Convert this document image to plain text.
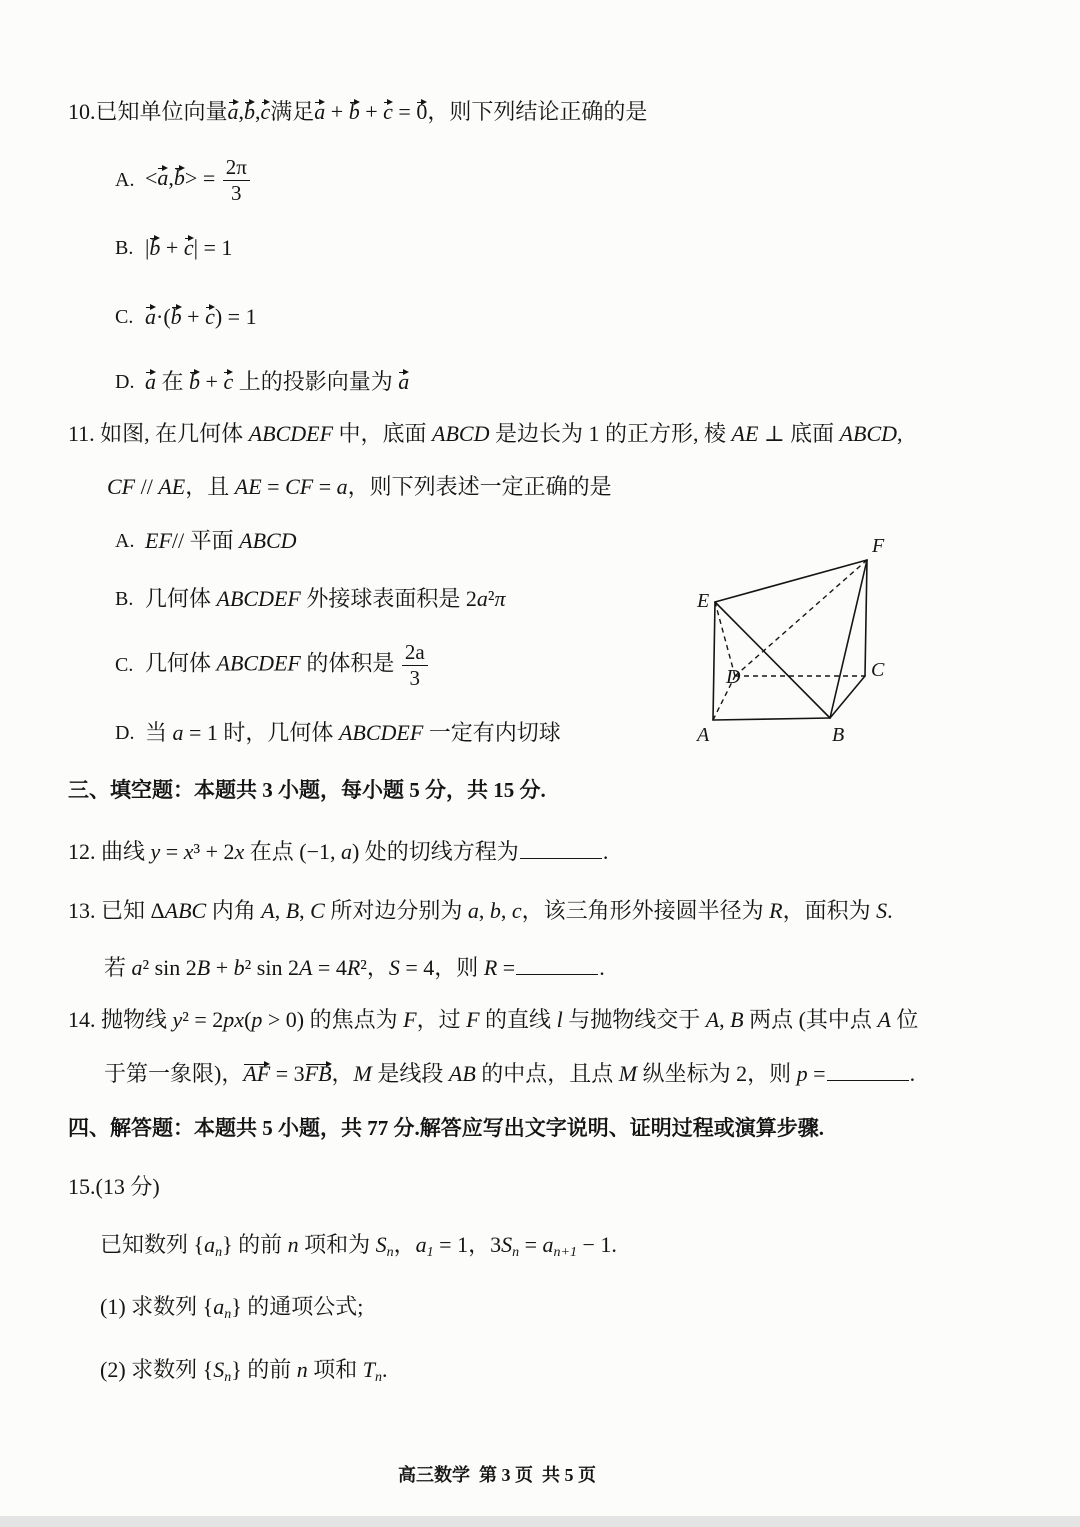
10.已知单位向量a,b,c满足a + b + c = 0，则下列结论正确的是
A. $<a,b> = \frac{2\pi}{3}$
B. |b + c| = 1
C. a·(b + c) = 1
D. a 在 b + c 上的投影向量为 a
11. 如图, 在几何体 ABCDEF 中，底面 ABCD 是边长为 1 的正方形, 棱 AE ⊥ 底面 ABCD,
CF // AE，且 AE = CF = a，则下列表述一定正确的是
A. EF// 平面 ABCD
B. 几何体 ABCDEF 外接球表面积是 2a²π
C. 几何体 ABCDEF 的体积是 $\frac{2a}{3}$
D. 当 a = 1 时，几何体 ABCDEF 一定有内切球
F
E
D	C
A	B
三、填空题：本题共 3 小题，每小题 5 分，共 15 分.
12. 曲线 y = x³ + 2x 在点 (−1, a) 处的切线方程为	.
13. 已知 ΔABC 内角 A, B, C 所对边分别为 a, b, c，该三角形外接圆半径为 R，面积为 S.
若 a² sin 2B + b² sin 2A = 4R²，S = 4，则 R =	.
14. 抛物线 y² = 2px(p > 0) 的焦点为 F，过 F 的直线 l 与抛物线交于 A, B 两点 (其中点 A 位
于第一象限)，AF = 3FB，M 是线段 AB 的中点，且点 M 纵坐标为 2，则 p =	.
四、解答题：本题共 5 小题，共 77 分.解答应写出文字说明、证明过程或演算步骤.
15.(13 分)
已知数列 $\{a_n\}$ 的前 n 项和为 $S_n$，$a_1 = 1$，$3S_n = a_{n+1} - 1$.
(1) 求数列 $\{a_n\}$ 的通项公式;
(2) 求数列 $\{S_n\}$ 的前 n 项和 $T_n$.
高三数学  第 3 页  共 5 页
